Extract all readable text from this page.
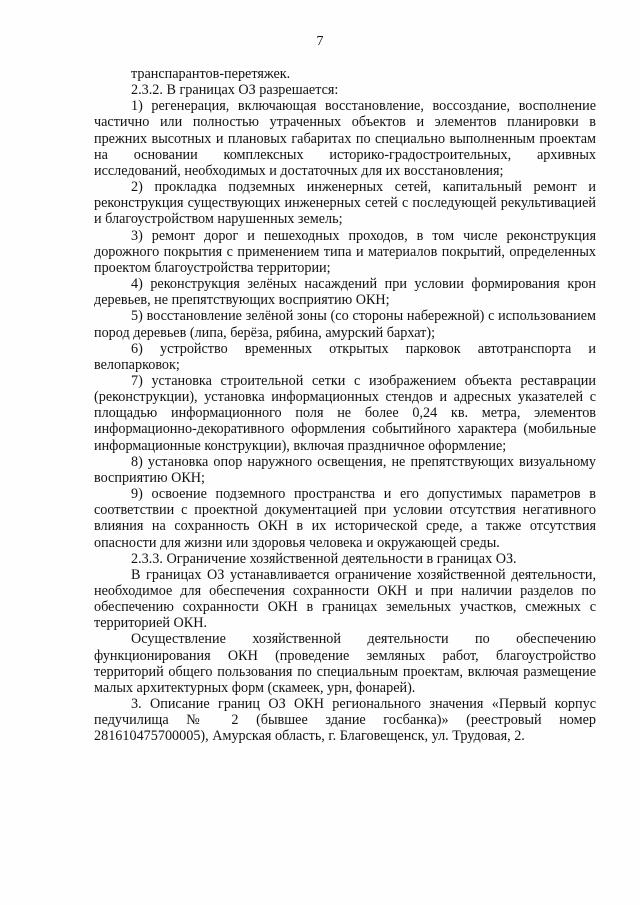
7

транспарантов-перетяжек.

2.3.2. В границах ОЗ разрешается:

1) регенерация, включающая восстановление, воссоздание, восполнение частично или полностью утраченных объектов и элементов планировки в прежних высотных и плановых габаритах по специально выполненным проектам на основании комплексных историко-градостроительных, архивных исследований, необходимых и достаточных для их восстановления;

2) прокладка подземных инженерных сетей, капитальный ремонт и реконструкция существующих инженерных сетей с последующей рекультивацией и благоустройством нарушенных земель;

3) ремонт дорог и пешеходных проходов, в том числе реконструкция дорожного покрытия с применением типа и материалов покрытий, определенных проектом благоустройства территории;

4) реконструкция зелёных насаждений при условии формирования крон деревьев, не препятствующих восприятию ОКН;

5) восстановление зелёной зоны (со стороны набережной) с использованием пород деревьев (липа, берёза, рябина, амурский бархат);

6) устройство временных открытых парковок автотранспорта и велопарковок;

7) установка строительной сетки с изображением объекта реставрации (реконструкции), установка информационных стендов и адресных указателей с площадью информационного поля не более 0,24 кв. метра, элементов информационно-декоративного оформления событийного характера (мобильные информационные конструкции), включая праздничное оформление;

8) установка опор наружного освещения, не препятствующих визуальному восприятию ОКН;

9) освоение подземного пространства и его допустимых параметров в соответствии с проектной документацией при условии отсутствия негативного влияния на сохранность ОКН в их исторической среде, а также отсутствия опасности для жизни или здоровья человека и окружающей среды.

2.3.3. Ограничение хозяйственной деятельности в границах ОЗ.

В границах ОЗ устанавливается ограничение хозяйственной деятельности, необходимое для обеспечения сохранности ОКН и при наличии разделов по обеспечению сохранности ОКН в границах земельных участков, смежных с территорией ОКН.

Осуществление хозяйственной деятельности по обеспечению функционирования ОКН (проведение земляных работ, благоустройство территорий общего пользования по специальным проектам, включая размещение малых архитектурных форм (скамеек, урн, фонарей).

3. Описание границ ОЗ ОКН регионального значения «Первый корпус педучилища № 2 (бывшее здание госбанка)» (реестровый номер 281610475700005), Амурская область, г. Благовещенск, ул. Трудовая, 2.
